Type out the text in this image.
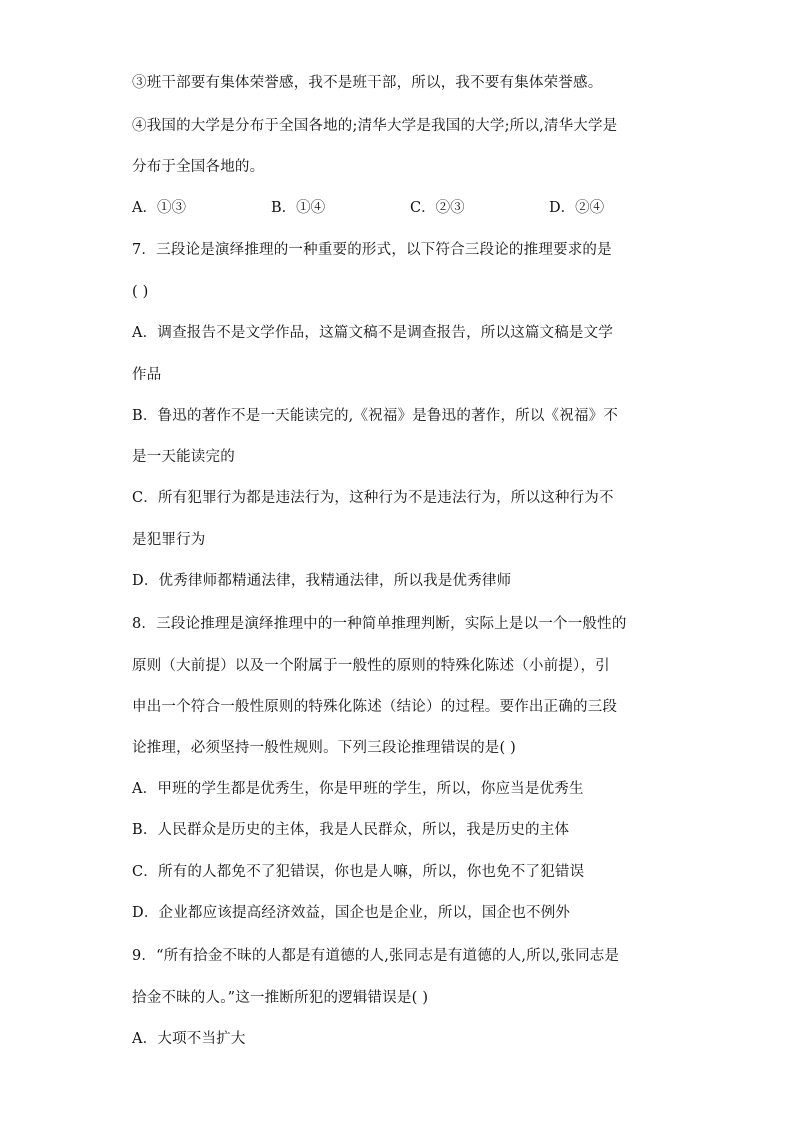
③班干部要有集体荣誉感，我不是班干部，所以，我不要有集体荣誉感。

④我国的大学是分布于全国各地的;清华大学是我国的大学;所以,清华大学是

分布于全国各地的。

A．①③	B．①④	C．②③	D．②④

7．三段论是演绎推理的一种重要的形式，以下符合三段论的推理要求的是

( )

A．调查报告不是文学作品，这篇文稿不是调查报告，所以这篇文稿是文学

作品

B．鲁迅的著作不是一天能读完的,《祝福》是鲁迅的著作，所以《祝福》不

是一天能读完的

C．所有犯罪行为都是违法行为，这种行为不是违法行为，所以这种行为不

是犯罪行为

D．优秀律师都精通法律，我精通法律，所以我是优秀律师

8．三段论推理是演绎推理中的一种简单推理判断，实际上是以一个一般性的

原则（大前提）以及一个附属于一般性的原则的特殊化陈述（小前提），引

申出一个符合一般性原则的特殊化陈述（结论）的过程。要作出正确的三段

论推理，必须坚持一般性规则。下列三段论推理错误的是( )

A．甲班的学生都是优秀生，你是甲班的学生，所以，你应当是优秀生

B．人民群众是历史的主体，我是人民群众，所以，我是历史的主体

C．所有的人都免不了犯错误，你也是人嘛，所以，你也免不了犯错误

D．企业都应该提高经济效益，国企也是企业，所以，国企也不例外

9．“所有拾金不昧的人都是有道德的人,张同志是有道德的人,所以,张同志是

拾金不昧的人。”这一推断所犯的逻辑错误是( )

A．大项不当扩大
